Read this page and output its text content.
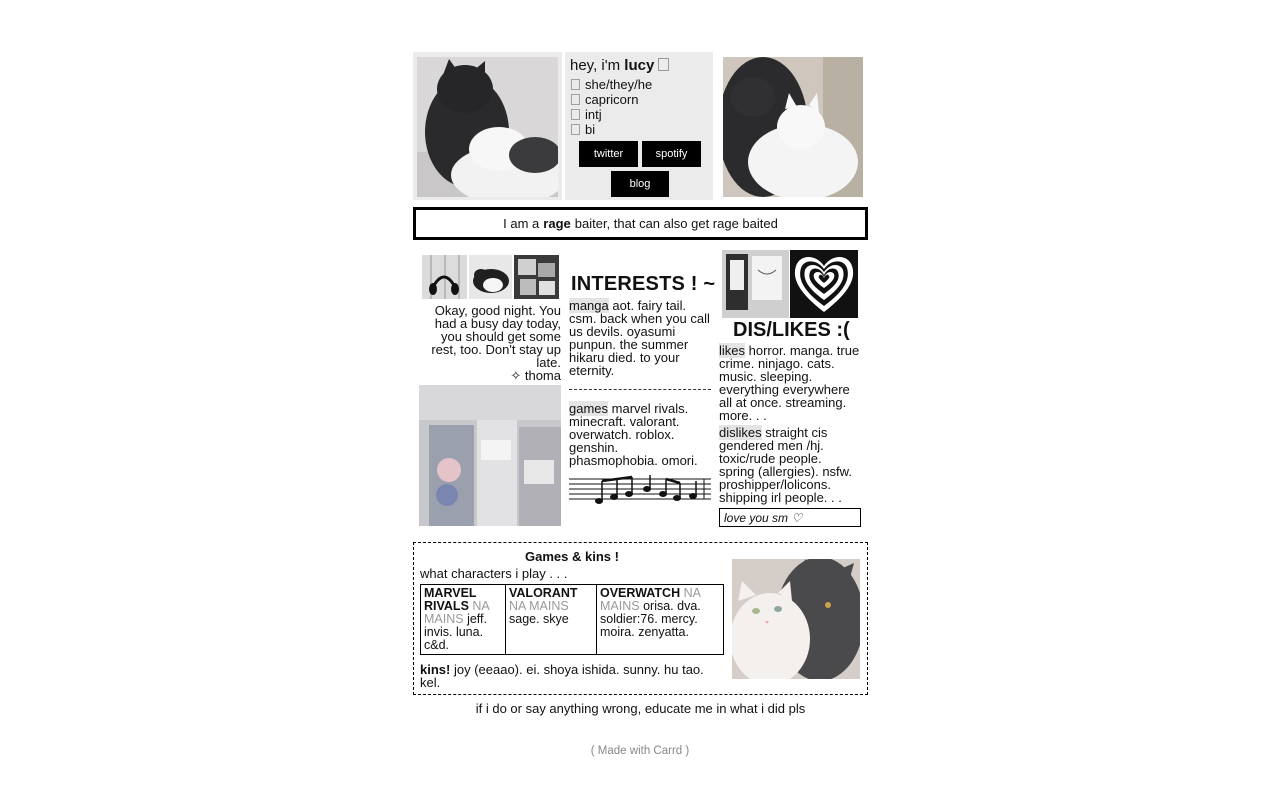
hey, i'm lucy
she/they/he
capricorn
intj
bi
twitter	spotify
blog
I am a rage baiter, that can also get rage baited
Okay, good night. You
had a busy day today,
you should get some
rest, too. Don't stay up
late.
✧ thoma
INTERESTS ! ~
manga aot. fairy tail.
csm. back when you call
us devils. oyasumi
punpun. the summer
hikaru died. to your
eternity.
games marvel rivals.
minecraft. valorant.
overwatch. roblox.
genshin.
phasmophobia. omori.
DIS/LIKES :(
likes horror. manga. true
crime. ninjago. cats.
music. sleeping.
everything everywhere
all at once. streaming.
more. . .
dislikes straight cis
gendered men /hj.
toxic/rude people.
spring (allergies). nsfw.
proshipper/lolicons.
shipping irl people. . .
love you sm ♡
Games & kins !
what characters i play . . .
MARVEL RIVALS NA MAINS jeff. invis. luna. c&d.	VALORANT NA MAINS sage. skye	OVERWATCH NA MAINS orisa. dva. soldier:76. mercy. moira. zenyatta.
kins! joy (eeaao). ei. shoya ishida. sunny. hu tao. kel.
if i do or say anything wrong, educate me in what i did pls
( Made with Carrd )
